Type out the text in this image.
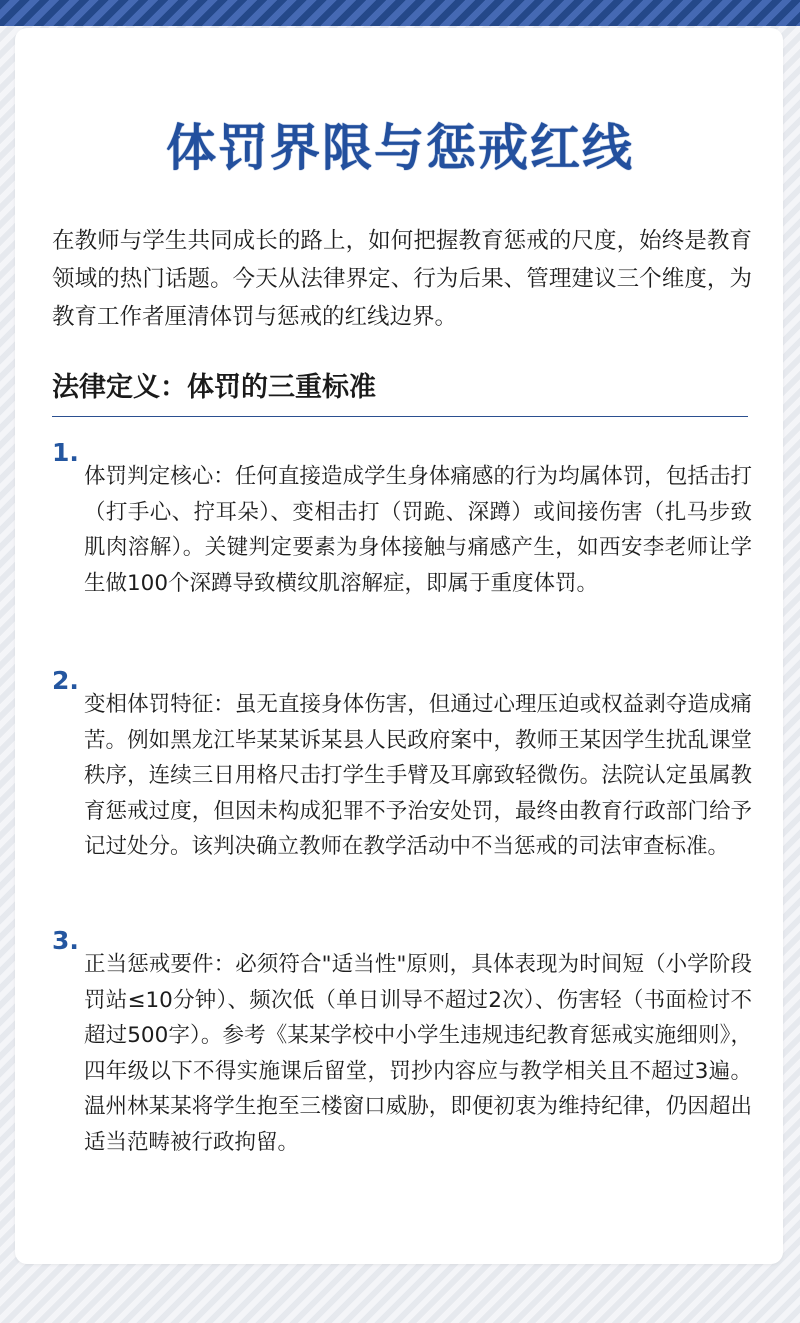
体罚界限与惩戒红线

在教师与学生共同成长的路上，如何把握教育惩戒的尺度，始终是教育领域的热门话题。今天从法律界定、行为后果、管理建议三个维度，为教育工作者厘清体罚与惩戒的红线边界。

法律定义：体罚的三重标准
1.

体罚判定核心：任何直接造成学生身体痛感的行为均属体罚，包括击打（打手心、拧耳朵）、变相击打（罚跪、深蹲）或间接伤害（扎马步致肌肉溶解）。关键判定要素为身体接触与痛感产生，如西安李老师让学生做100个深蹲导致横纹肌溶解症，即属于重度体罚。

2.

变相体罚特征：虽无直接身体伤害，但通过心理压迫或权益剥夺造成痛苦。例如黑龙江毕某某诉某县人民政府案中，教师王某因学生扰乱课堂秩序，连续三日用格尺击打学生手臂及耳廓致轻微伤。法院认定虽属教育惩戒过度，但因未构成犯罪不予治安处罚，最终由教育行政部门给予记过处分。该判决确立教师在教学活动中不当惩戒的司法审查标准。

3.

正当惩戒要件：必须符合"适当性"原则，具体表现为时间短（小学阶段罚站≤10分钟）、频次低（单日训导不超过2次）、伤害轻（书面检讨不超过500字）。参考《某某学校中小学生违规违纪教育惩戒实施细则》，四年级以下不得实施课后留堂，罚抄内容应与教学相关且不超过3遍。温州林某某将学生抱至三楼窗口威胁，即便初衷为维持纪律，仍因超出适当范畴被行政拘留。
